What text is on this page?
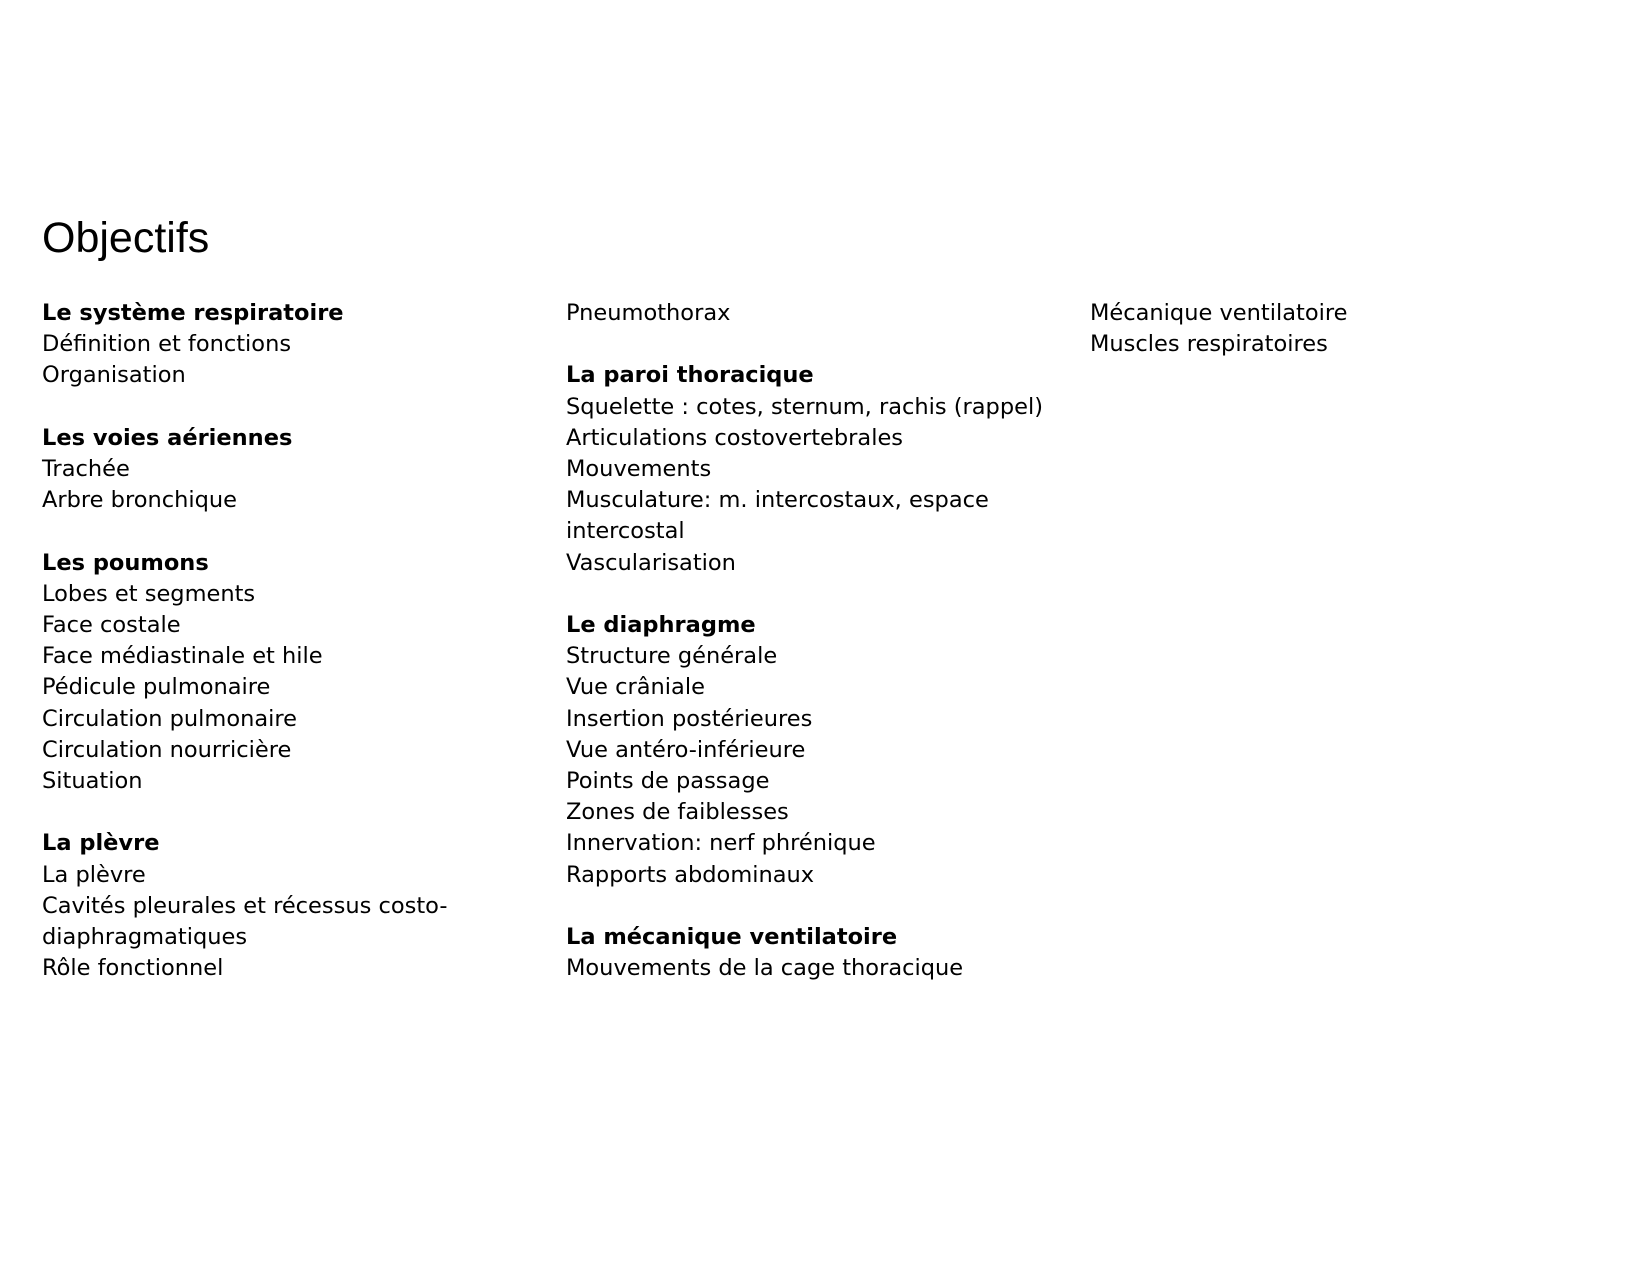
Objectifs
Le système respiratoire
Définition et fonctions
Organisation

Les voies aériennes
Trachée
Arbre bronchique

Les poumons
Lobes et segments
Face costale
Face médiastinale et hile
Pédicule pulmonaire
Circulation pulmonaire
Circulation nourricière
Situation

La plèvre
La plèvre
Cavités pleurales et récessus costo-diaphragmatiques
Rôle fonctionnel
Pneumothorax

La paroi thoracique
Squelette : cotes, sternum, rachis (rappel)
Articulations costovertebrales
Mouvements
Musculature: m. intercostaux, espace intercostal
Vascularisation

Le diaphragme
Structure générale
Vue crâniale
Insertion postérieures
Vue antéro-inférieure
Points de passage
Zones de faiblesses
Innervation: nerf phrénique
Rapports abdominaux

La mécanique ventilatoire
Mouvements de la cage thoracique
Mécanique ventilatoire
Muscles respiratoires
